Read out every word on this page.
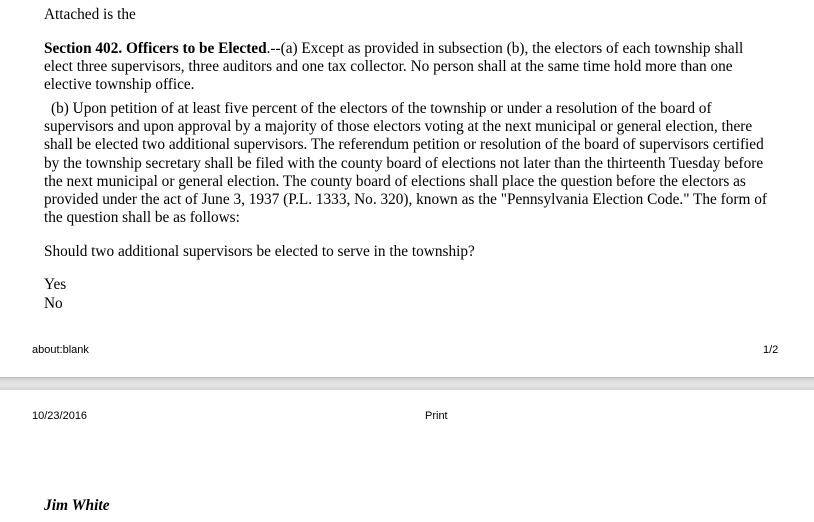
Attached is the
Section 402. Officers to be Elected.--(a) Except as provided in subsection (b), the electors of each township shall elect three supervisors, three auditors and one tax collector. No person shall at the same time hold more than one elective township office.
(b) Upon petition of at least five percent of the electors of the township or under a resolution of the board of supervisors and upon approval by a majority of those electors voting at the next municipal or general election, there shall be elected two additional supervisors. The referendum petition or resolution of the board of supervisors certified by the township secretary shall be filed with the county board of elections not later than the thirteenth Tuesday before the next municipal or general election. The county board of elections shall place the question before the electors as provided under the act of June 3, 1937 (P.L. 1333, No. 320), known as the "Pennsylvania Election Code." The form of the question shall be as follows:
Should two additional supervisors be elected to serve in the township?
Yes
No
about:blank	1/2
10/23/2016	Print
Jim White
